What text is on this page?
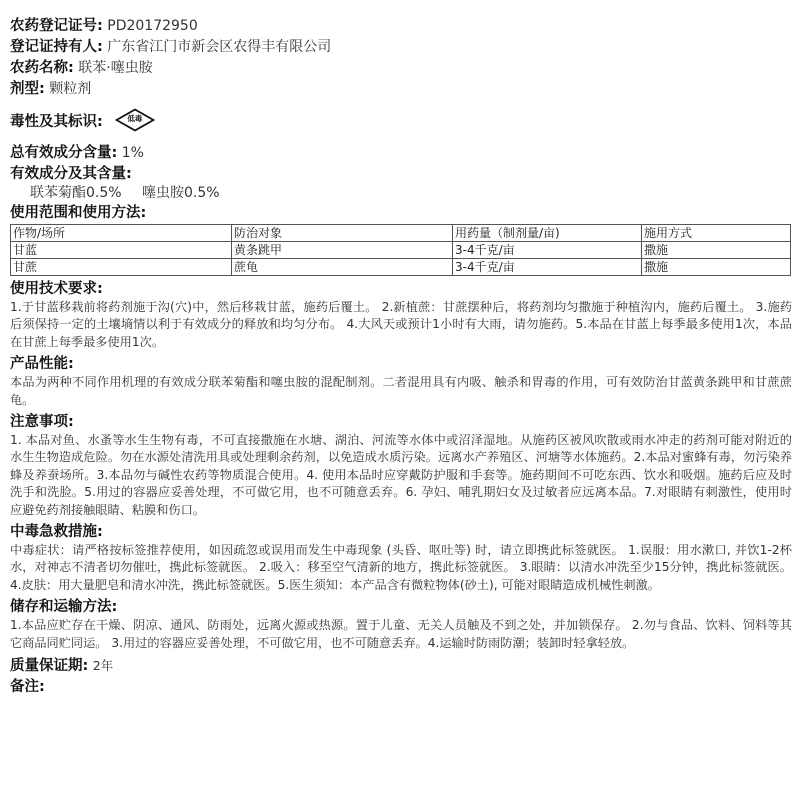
农药登记证号: PD20172950
登记证持有人: 广东省江门市新会区农得丰有限公司
农药名称: 联苯·噻虫胺
剂型: 颗粒剂
毒性及其标识:	低毒
总有效成分含量: 1%
有效成分及其含量:
联苯菊酯0.5% 噻虫胺0.5%
使用范围和使用方法:
作物/场所	防治对象	用药量（制剂量/亩)	施用方式
甘蓝	黄条跳甲	3-4千克/亩	撒施
甘蔗	蔗龟	3-4千克/亩	撒施
使用技术要求:
1.于甘蓝移栽前将药剂施于沟(穴)中，然后移栽甘蓝，施药后覆土。 2.新植蔗：甘蔗摆种后，将药剂均匀撒施于种植沟内，施药后覆土。 3.施药后须保持一定的土壤墒情以利于有效成分的释放和均匀分布。 4.大风天或预计1小时有大雨，请勿施药。5.本品在甘蓝上每季最多使用1次，本品在甘蔗上每季最多使用1次。
产品性能:
本品为两种不同作用机理的有效成分联苯菊酯和噻虫胺的混配制剂。二者混用具有内吸、触杀和胃毒的作用，可有效防治甘蓝黄条跳甲和甘蔗蔗龟。
注意事项:
1. 本品对鱼、水蚤等水生生物有毒，不可直接撒施在水塘、湖泊、河流等水体中或沼泽湿地。从施药区被风吹散或雨水冲走的药剂可能对附近的水生生物造成危险。勿在水源处清洗用具或处理剩余药剂，以免造成水质污染。远离水产养殖区、河塘等水体施药。2.本品对蜜蜂有毒，勿污染养蜂及养蚕场所。3.本品勿与碱性农药等物质混合使用。4. 使用本品时应穿戴防护服和手套等。施药期间不可吃东西、饮水和吸烟。施药后应及时洗手和洗脸。5.用过的容器应妥善处理，不可做它用，也不可随意丢弃。6. 孕妇、哺乳期妇女及过敏者应远离本品。7.对眼睛有刺激性，使用时应避免药剂接触眼睛、粘膜和伤口。
中毒急救措施:
中毒症状：请严格按标签推荐使用，如因疏忽或误用而发生中毒现象 (头昏、呕吐等) 时，请立即携此标签就医。 1.误服：用水漱口, 并饮1-2杯水，对神志不清者切勿催吐，携此标签就医。 2.吸入：移至空气清新的地方，携此标签就医。 3.眼睛：以清水冲洗至少15分钟，携此标签就医。 4.皮肤：用大量肥皂和清水冲洗，携此标签就医。5.医生须知：本产品含有微粒物体(砂土), 可能对眼睛造成机械性刺激。
储存和运输方法:
1.本品应贮存在干燥、阴凉、通风、防雨处，远离火源或热源。置于儿童、无关人员触及不到之处，并加锁保存。 2.勿与食品、饮料、饲料等其它商品同贮同运。 3.用过的容器应妥善处理，不可做它用，也不可随意丢弃。4.运输时防雨防潮；装卸时轻拿轻放。
质量保证期: 2年
备注:
